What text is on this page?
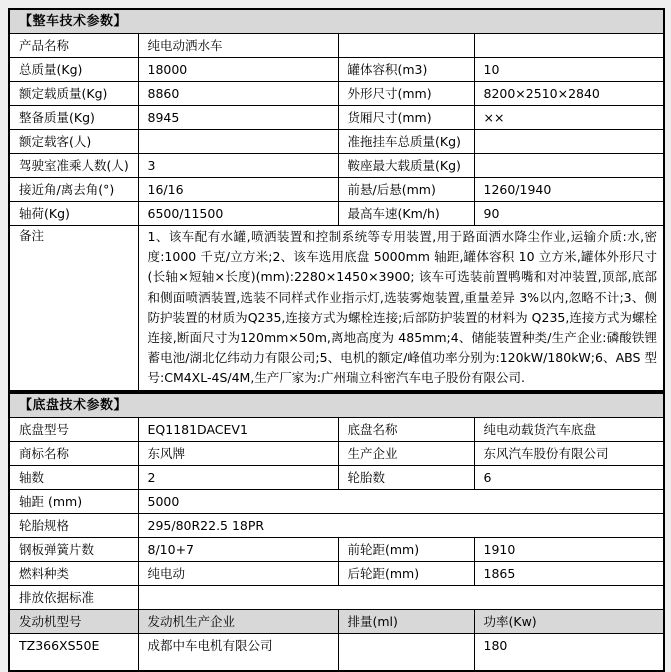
【整车技术参数】			
产品名称	纯电动洒水车		
总质量(Kg)	18000	罐体容积(m3)	10
额定载质量(Kg)	8860	外形尺寸(mm)	8200×2510×2840
整备质量(Kg)	8945	货厢尺寸(mm)	××
额定载客(人)		准拖挂车总质量(Kg)	
驾驶室准乘人数(人)	3	鞍座最大载质量(Kg)	
接近角/离去角(°)	16/16	前悬/后悬(mm)	1260/1940
轴荷(Kg)	6500/11500	最高车速(Km/h)	90
备注	1、该车配有水罐,喷洒装置和控制系统等专用装置,用于路面洒水降尘作业,运输介质:水,密度:1000 千克/立方米;2、该车选用底盘 5000mm 轴距,罐体容积 10 立方米,罐体外形尺寸(长轴×短轴×长度)(mm):2280×1450×3900; 该车可选装前置鸭嘴和对冲装置,顶部,底部和侧面喷洒装置,选装不同样式作业指示灯,选装雾炮装置,重量差异 3%以内,忽略不计;3、侧防护装置的材质为Q235,连接方式为螺栓连接;后部防护装置的材料为 Q235,连接方式为螺栓连接,断面尺寸为120mm×50m,离地高度为 485mm;4、储能装置种类/生产企业:磷酸铁锂蓄电池/湖北亿纬动力有限公司;5、电机的额定/峰值功率分别为:120kW/180kW;6、ABS 型号:CM4XL-4S/4M,生产厂家为:广州瑞立科密汽车电子股份有限公司.		
【底盘技术参数】			
底盘型号	EQ1181DACEV1	底盘名称	纯电动载货汽车底盘
商标名称	东风牌	生产企业	东风汽车股份有限公司
轴数	2	轮胎数	6
轴距 (mm)	5000		
轮胎规格	295/80R22.5 18PR		
钢板弹簧片数	8/10+7	前轮距(mm)	1910
燃料种类	纯电动	后轮距(mm)	1865
排放依据标准			
发动机型号	发动机生产企业	排量(ml)	功率(Kw)
TZ366XS50E	成都中车电机有限公司		180
